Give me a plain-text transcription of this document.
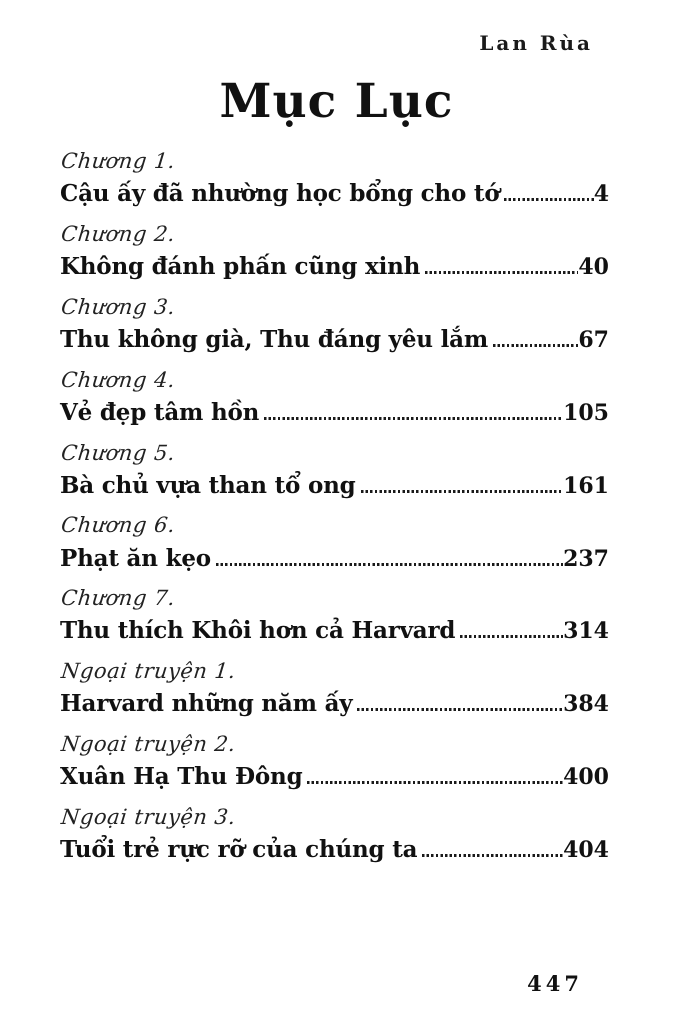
Lan Rùa
Mục Lục
Chương 1.
Cậu ấy đã nhường học bổng cho tớ	4
Chương 2.
Không đánh phấn cũng xinh	40
Chương 3.
Thu không già, Thu đáng yêu lắm	67
Chương 4.
Vẻ đẹp tâm hồn	105
Chương 5.
Bà chủ vựa than tổ ong	161
Chương 6.
Phạt ăn kẹo	237
Chương 7.
Thu thích Khôi hơn cả Harvard	314
Ngoại truyện 1.
Harvard những năm ấy	384
Ngoại truyện 2.
Xuân Hạ Thu Đông	400
Ngoại truyện 3.
Tuổi trẻ rực rỡ của chúng ta	404
447
